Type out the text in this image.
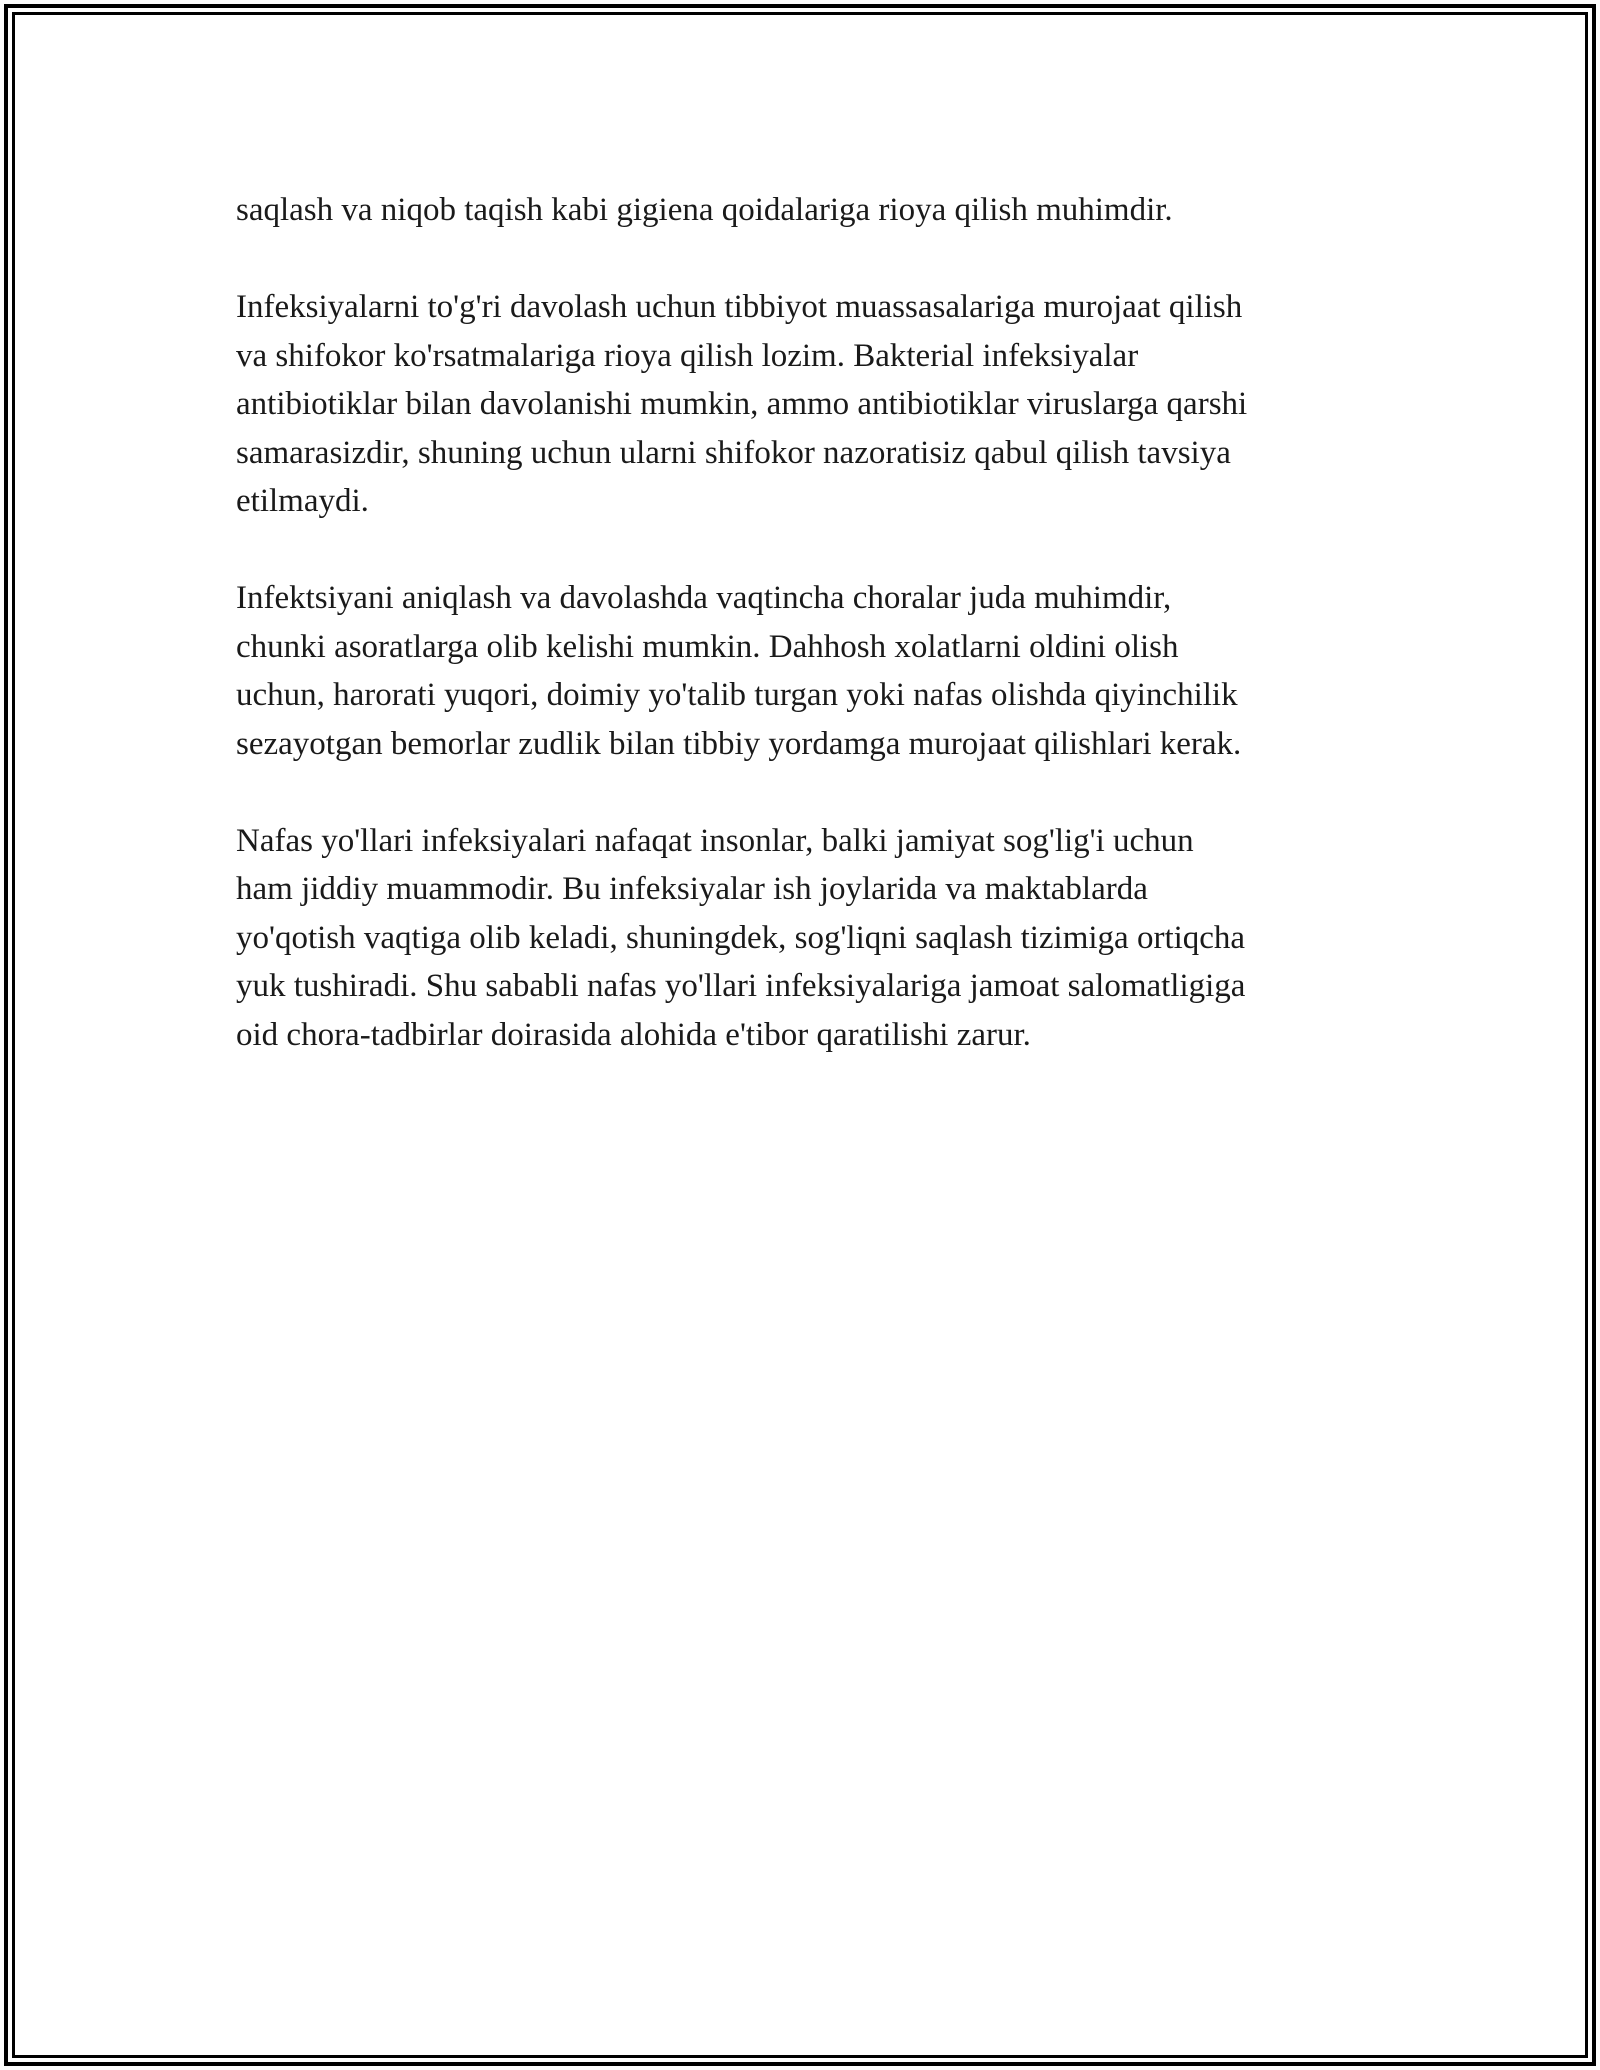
saqlash va niqob taqish kabi gigiena qoidalariga rioya qilish muhimdir.

Infeksiyalarni to'g'ri davolash uchun tibbiyot muassasalariga murojaat qilish
va shifokor ko'rsatmalariga rioya qilish lozim. Bakterial infeksiyalar
antibiotiklar bilan davolanishi mumkin, ammo antibiotiklar viruslarga qarshi
samarasizdir, shuning uchun ularni shifokor nazoratisiz qabul qilish tavsiya
etilmaydi.

Infektsiyani aniqlash va davolashda vaqtincha choralar juda muhimdir,
chunki asoratlarga olib kelishi mumkin. Dahhosh xolatlarni oldini olish
uchun, harorati yuqori, doimiy yo'talib turgan yoki nafas olishda qiyinchilik
sezayotgan bemorlar zudlik bilan tibbiy yordamga murojaat qilishlari kerak.

Nafas yo'llari infeksiyalari nafaqat insonlar, balki jamiyat sog'lig'i uchun
ham jiddiy muammodir. Bu infeksiyalar ish joylarida va maktablarda
yo'qotish vaqtiga olib keladi, shuningdek, sog'liqni saqlash tizimiga ortiqcha
yuk tushiradi. Shu sababli nafas yo'llari infeksiyalariga jamoat salomatligiga
oid chora-tadbirlar doirasida alohida e'tibor qaratilishi zarur.
